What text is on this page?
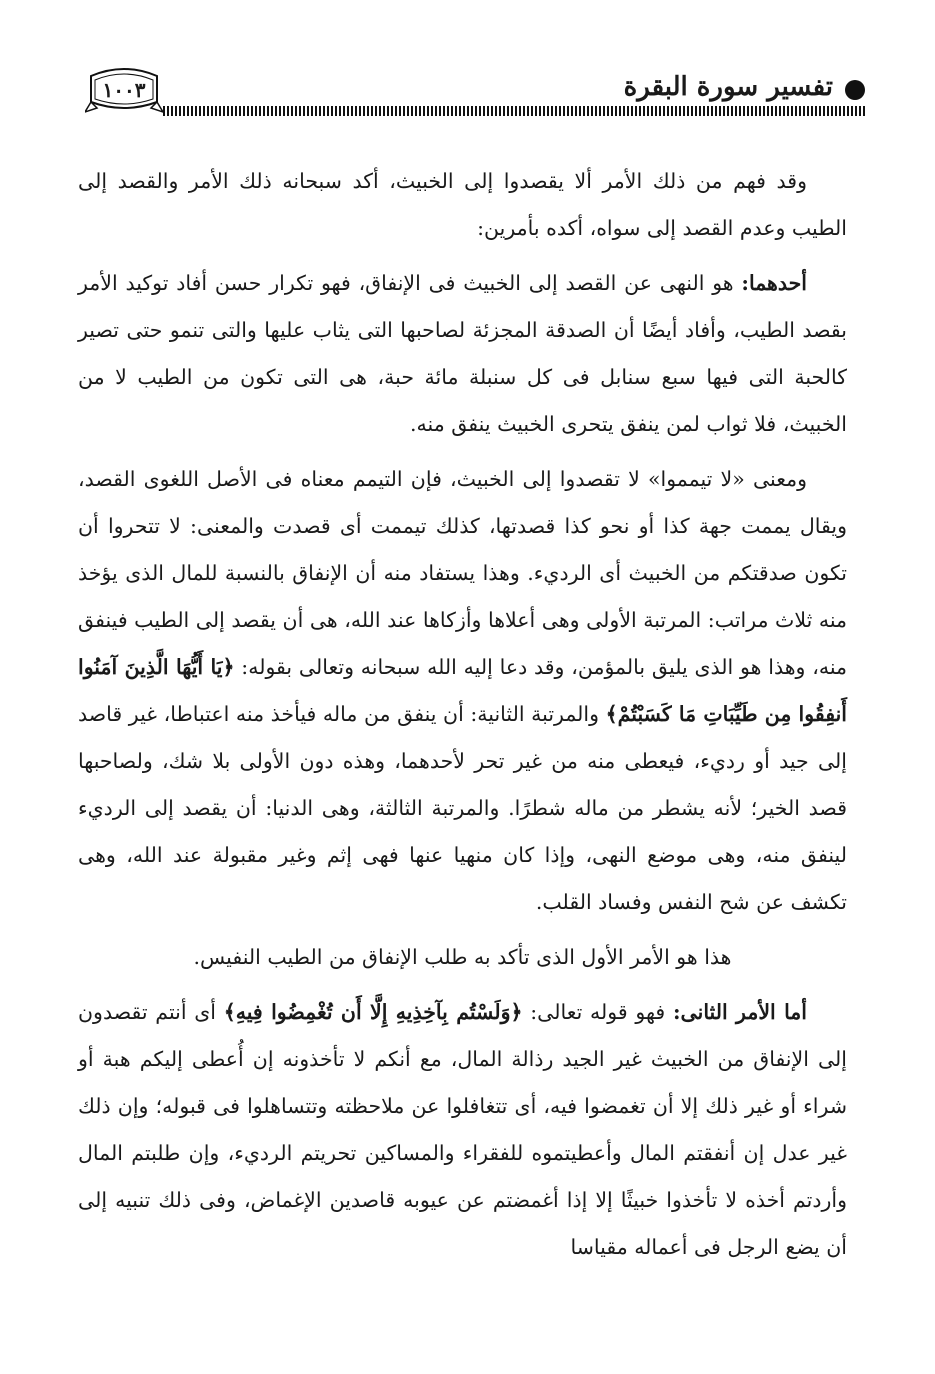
تفسير سورة البقرة
١٠٠٣

وقد فهم من ذلك الأمر ألا يقصدوا إلى الخبيث، أكد سبحانه ذلك الأمر والقصد إلى الطيب وعدم القصد إلى سواه، أكده بأمرين:

أحدهما: هو النهى عن القصد إلى الخبيث فى الإنفاق، فهو تكرار حسن أفاد توكيد الأمر بقصد الطيب، وأفاد أيضًا أن الصدقة المجزئة لصاحبها التى يثاب عليها والتى تنمو حتى تصير كالحبة التى فيها سبع سنابل فى كل سنبلة مائة حبة، هى التى تكون من الطيب لا من الخبيث، فلا ثواب لمن ينفق يتحرى الخبيث ينفق منه.

ومعنى «لا تيمموا» لا تقصدوا إلى الخبيث، فإن التيمم معناه فى الأصل اللغوى القصد، ويقال يممت جهة كذا أو نحو كذا قصدتها، كذلك تيممت أى قصدت والمعنى: لا تتحروا أن تكون صدقتكم من الخبيث أى الرديء. وهذا يستفاد منه أن الإنفاق بالنسبة للمال الذى يؤخذ منه ثلاث مراتب: المرتبة الأولى وهى أعلاها وأزكاها عند الله، هى أن يقصد إلى الطيب فينفق منه، وهذا هو الذى يليق بالمؤمن، وقد دعا إليه الله سبحانه وتعالى بقوله: ﴿يَا أَيُّهَا الَّذِينَ آمَنُوا أَنفِقُوا مِن طَيِّبَاتِ مَا كَسَبْتُمْ﴾ والمرتبة الثانية: أن ينفق من ماله فيأخذ منه اعتباطا، غير قاصد إلى جيد أو رديء، فيعطى منه من غير تحر لأحدهما، وهذه دون الأولى بلا شك، ولصاحبها قصد الخير؛ لأنه يشطر من ماله شطرًا. والمرتبة الثالثة، وهى الدنيا: أن يقصد إلى الرديء لينفق منه، وهى موضع النهى، وإذا كان منهيا عنها فهى إثم وغير مقبولة عند الله، وهى تكشف عن شح النفس وفساد القلب.

هذا هو الأمر الأول الذى تأكد به طلب الإنفاق من الطيب النفيس.

أما الأمر الثانى: فهو قوله تعالى: ﴿وَلَسْتُم بِآخِذِيهِ إِلَّا أَن تُغْمِضُوا فِيهِ﴾ أى أنتم تقصدون إلى الإنفاق من الخبيث غير الجيد رذالة المال، مع أنكم لا تأخذونه إن أُعطى إليكم هبة أو شراء أو غير ذلك إلا أن تغمضوا فيه، أى تتغافلوا عن ملاحظته وتتساهلوا فى قبوله؛ وإن ذلك غير عدل إن أنفقتم المال وأعطيتموه للفقراء والمساكين تحريتم الرديء، وإن طلبتم المال وأردتم أخذه لا تأخذوا خبيثًا إلا إذا أغمضتم عن عيوبه قاصدين الإغماض، وفى ذلك تنبيه إلى أن يضع الرجل فى أعماله مقياسا
